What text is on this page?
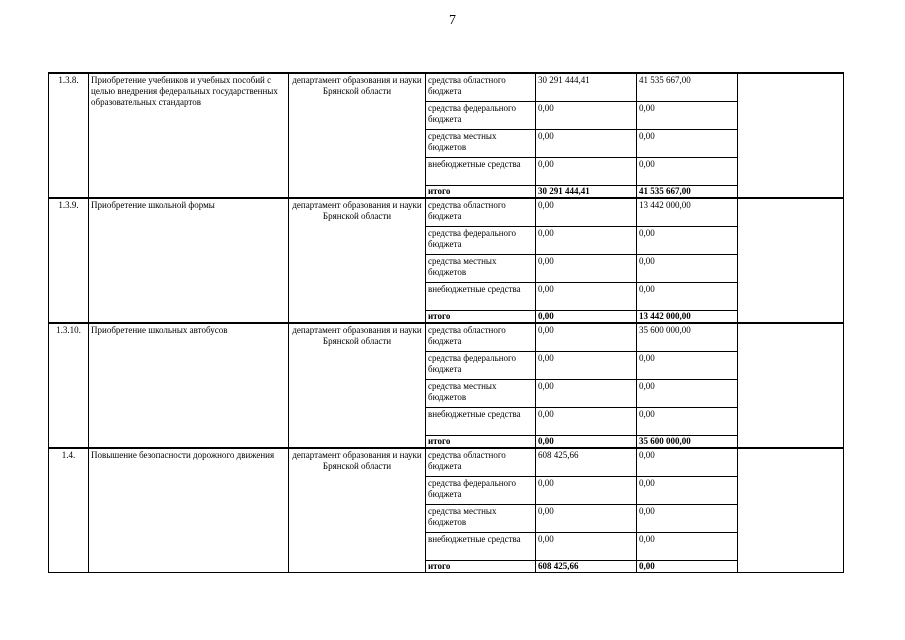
7
1.3.8.	Приобретение учебников и учебных пособий с целью внедрения федеральных государственных образовательных стандартов	департамент образования и науки Брянской области	средства областного бюджета	30 291 444,41	41 535 667,00	
			средства федерального бюджета	0,00	0,00	
			средства местных бюджетов	0,00	0,00	
			внебюджетные средства	0,00	0,00	
			итого	30 291 444,41	41 535 667,00	
1.3.9.	Приобретение школьной формы	департамент образования и науки Брянской области	средства областного бюджета	0,00	13 442 000,00	
			средства федерального бюджета	0,00	0,00	
			средства местных бюджетов	0,00	0,00	
			внебюджетные средства	0,00	0,00	
			итого	0,00	13 442 000,00	
1.3.10.	Приобретение школьных автобусов	департамент образования и науки Брянской области	средства областного бюджета	0,00	35 600 000,00	
			средства федерального бюджета	0,00	0,00	
			средства местных бюджетов	0,00	0,00	
			внебюджетные средства	0,00	0,00	
			итого	0,00	35 600 000,00	
1.4.	Повышение безопасности дорожного движения	департамент образования и науки Брянской области	средства областного бюджета	608 425,66	0,00	
			средства федерального бюджета	0,00	0,00	
			средства местных бюджетов	0,00	0,00	
			внебюджетные средства	0,00	0,00	
			итого	608 425,66	0,00	
